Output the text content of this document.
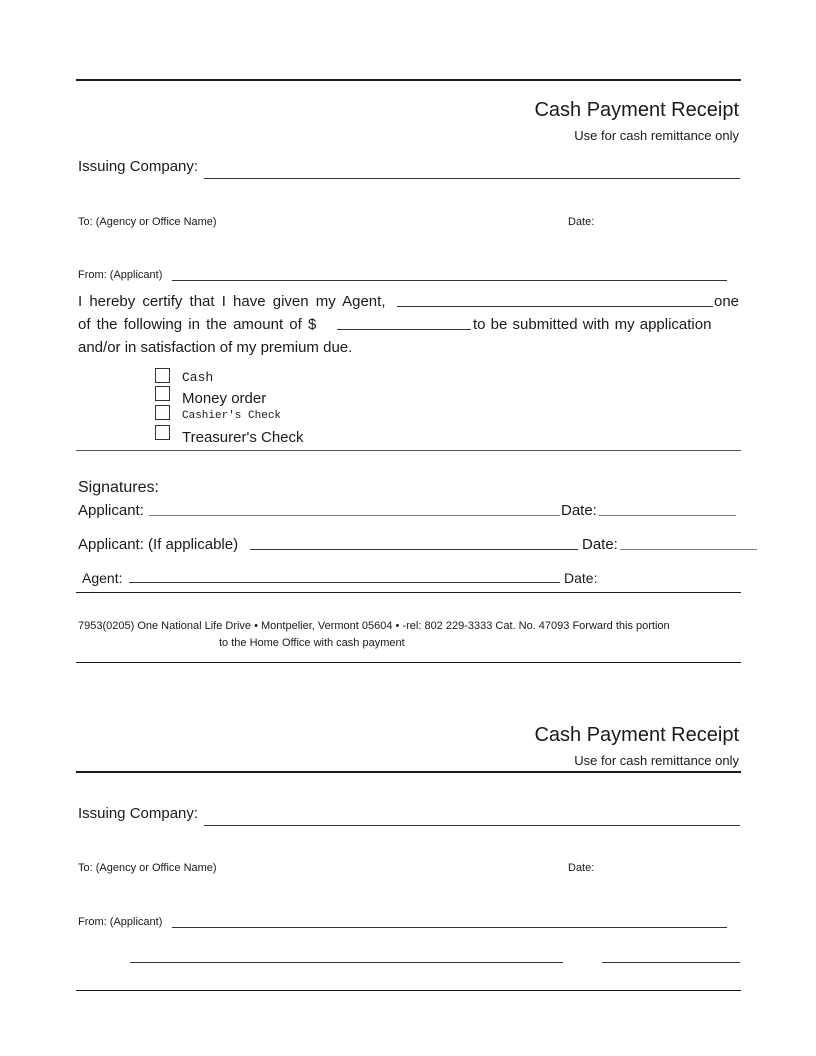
Cash Payment Receipt
Use for cash remittance only
Issuing Company:
To: (Agency or Office Name)	Date:
From: (Applicant)
I hereby certify that I have given my Agent,	one
of the following in the amount of $	to be submitted with my application
and/or in satisfaction of my premium due.
Cash
Money order
Cashier's Check
Treasurer's Check
Signatures:
Applicant:	Date:
Applicant: (If applicable)	Date:
Agent:	Date:
7953(0205) One National Life Drive • Montpelier, Vermont 05604 • -rel: 802 229-3333 Cat. No. 47093 Forward this portion
to the Home Office with cash payment
Cash Payment Receipt
Use for cash remittance only
Issuing Company:
To: (Agency or Office Name)	Date:
From: (Applicant)
